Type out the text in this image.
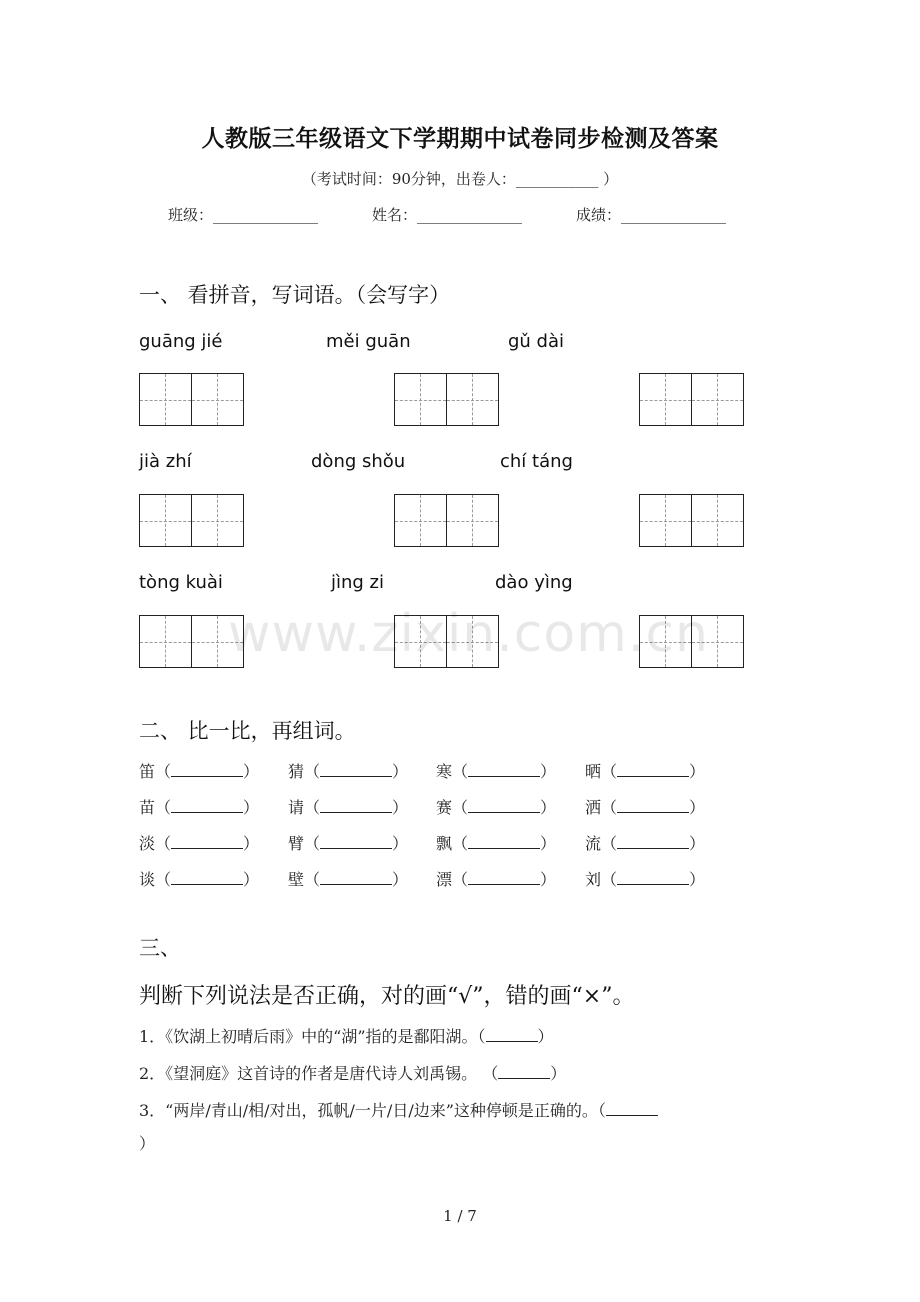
人教版三年级语文下学期期中试卷同步检测及答案
（考试时间：90分钟，出卷人：___________ ）
班级：______________	姓名：______________	成绩：______________
一、 看拼音，写词语。（会写字）
guāng jié	měi guān	gǔ dài
jià zhí	dòng shǒu	chí táng
tòng kuài	jìng zi	dào yìng
二、 比一比，再组词。
笛（	） 猜（	） 寒（	） 晒（	）
苗（	） 请（	） 赛（	） 洒（	）
淡（	） 臂（	） 飘（	） 流（	）
谈（	） 壁（	） 漂（	） 刘（	）
三、
判断下列说法是否正确，对的画“√”，错的画“×”。
1．《饮湖上初晴后雨》中的“湖”指的是鄱阳湖。（	）
2．《望洞庭》这首诗的作者是唐代诗人刘禹锡。 （	）
3．“两岸/青山/相/对出，孤帆/一片/日/边来”这种停顿是正确的。（
）
www.zixin.com.cn
1 / 7
